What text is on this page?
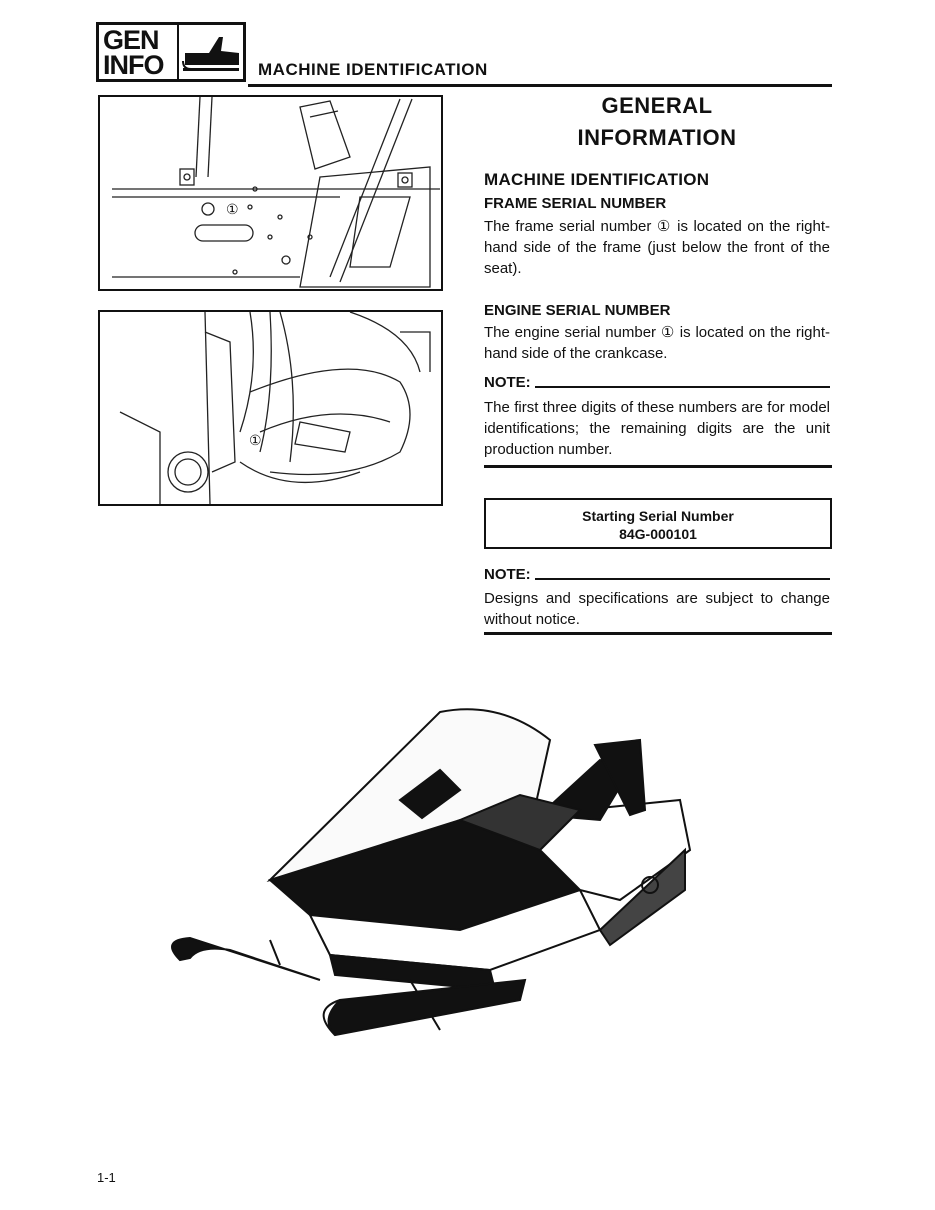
GEN
INFO	MACHINE IDENTIFICATION
①
①
GENERAL
INFORMATION
MACHINE IDENTIFICATION
FRAME SERIAL NUMBER
The frame serial number ① is located on the right-hand side of the frame (just below the front of the seat).
ENGINE SERIAL NUMBER
The engine serial number ① is located on the right-hand side of the crankcase.
NOTE:
The first three digits of these numbers are for model identifications; the remaining digits are the unit production number.
Starting Serial Number
84G-000101
NOTE:
Designs and specifications are subject to change without notice.
1-1
